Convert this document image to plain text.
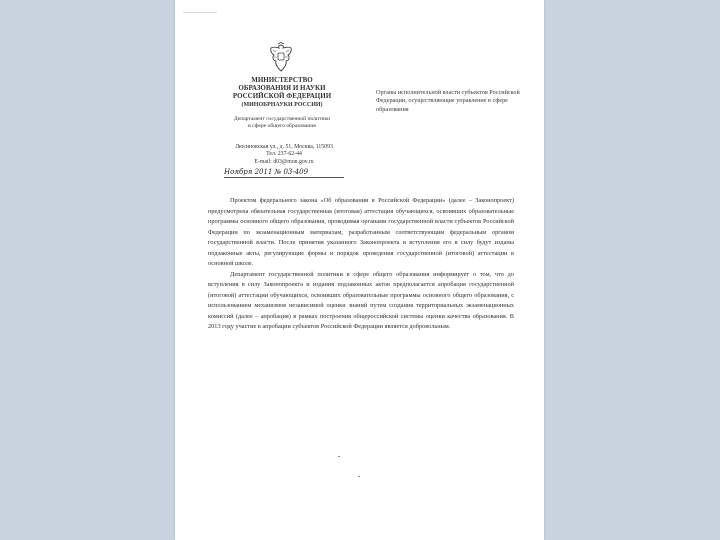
МИНИСТЕРСТВО
ОБРАЗОВАНИЯ И НАУКИ
РОССИЙСКОЙ ФЕДЕРАЦИИ
(МИНОБРНАУКИ РОССИИ)
Департамент государственной политики
в сфере общего образования
Люсиновская ул., д. 51, Москва, 115093
Тел. 237-62-44
E-mail: d03@mon.gov.ru
Ноября 2011 № 03-409
Органы исполнительной власти субъектов Российской Федерации, осуществляющие управление в сфере образования

Проектом федерального закона «Об образовании в Российской Федерации» (далее – Законопроект) предусмотрена обязательная государственная (итоговая) аттестация обучающихся, освоивших образовательные программы основного общего образования, проводимая органами государственной власти субъектов Российской Федерации по экзаменационным материалам, разработанным соответствующим федеральным органом государственной власти. После принятия указанного Законопроекта и вступления его в силу будут изданы подзаконные акты, регулирующие формы и порядок проведения государственной (итоговой) аттестации в основной школе.

Департамент государственной политики в сфере общего образования информирует о том, что до вступления в силу Законопроекта и издания подзаконных актов предполагается апробация государственной (итоговой) аттестации обучающихся, освоивших образовательные программы основного общего образования, с использованием механизмов независимой оценки знаний путем создания территориальных экзаменационных комиссий (далее – апробация) в рамках построения общероссийской системы оценки качества образования. В 2013 году участие в апробации субъектов Российской Федерации является добровольным.
